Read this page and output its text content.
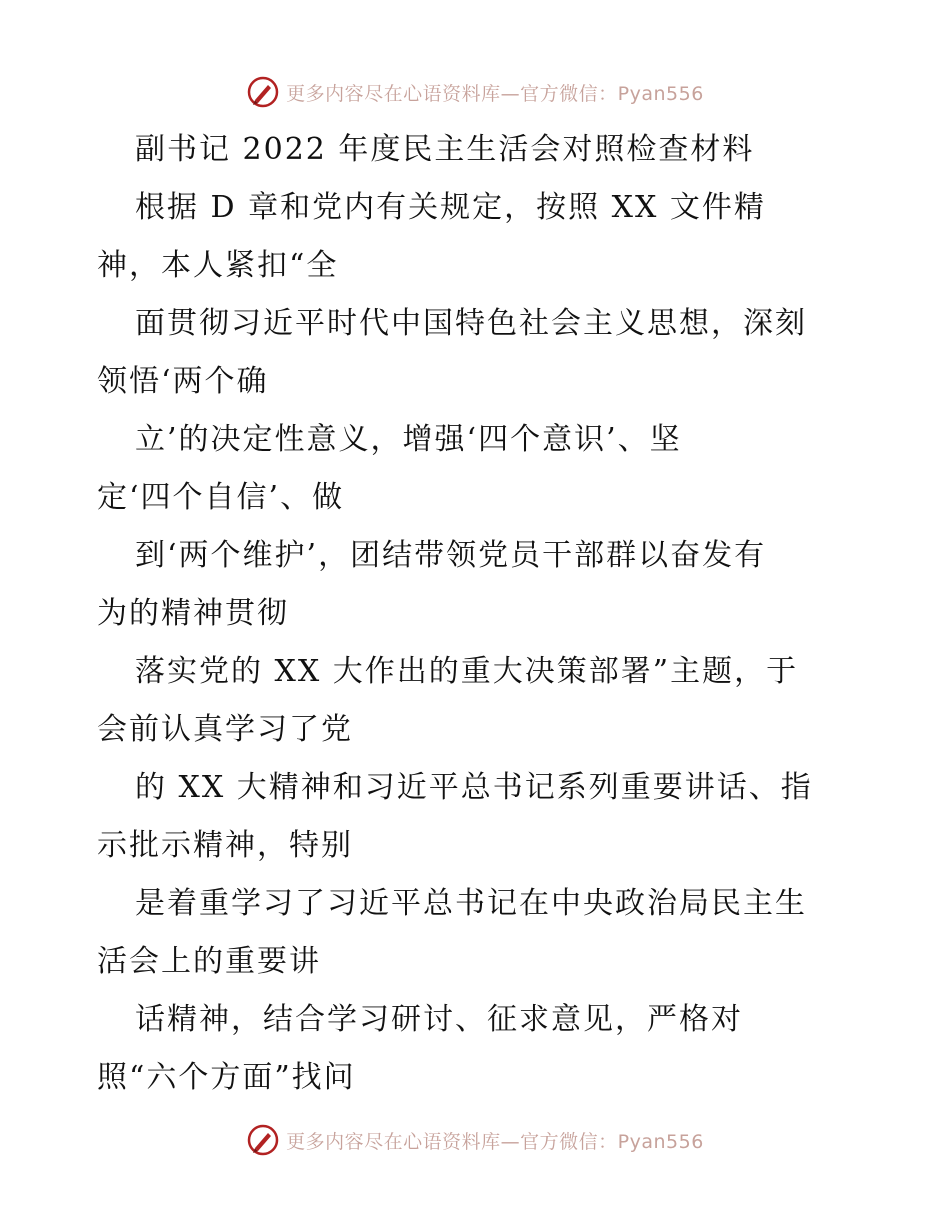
更多内容尽在心语资料库—官方微信：Pyan556
副书记 2022 年度民主生活会对照检查材料
根据 D 章和党内有关规定，按照 XX 文件精
神，本人紧扣“全
面贯彻习近平时代中国特色社会主义思想，深刻
领悟‘两个确
立’的决定性意义，增强‘四个意识’、坚
定‘四个自信’、做
到‘两个维护’，团结带领党员干部群以奋发有
为的精神贯彻
落实党的 XX 大作出的重大决策部署”主题，于
会前认真学习了党
的 XX 大精神和习近平总书记系列重要讲话、指
示批示精神，特别
是着重学习了习近平总书记在中央政治局民主生
活会上的重要讲
话精神，结合学习研讨、征求意见，严格对
照“六个方面”找问
更多内容尽在心语资料库—官方微信：Pyan556
